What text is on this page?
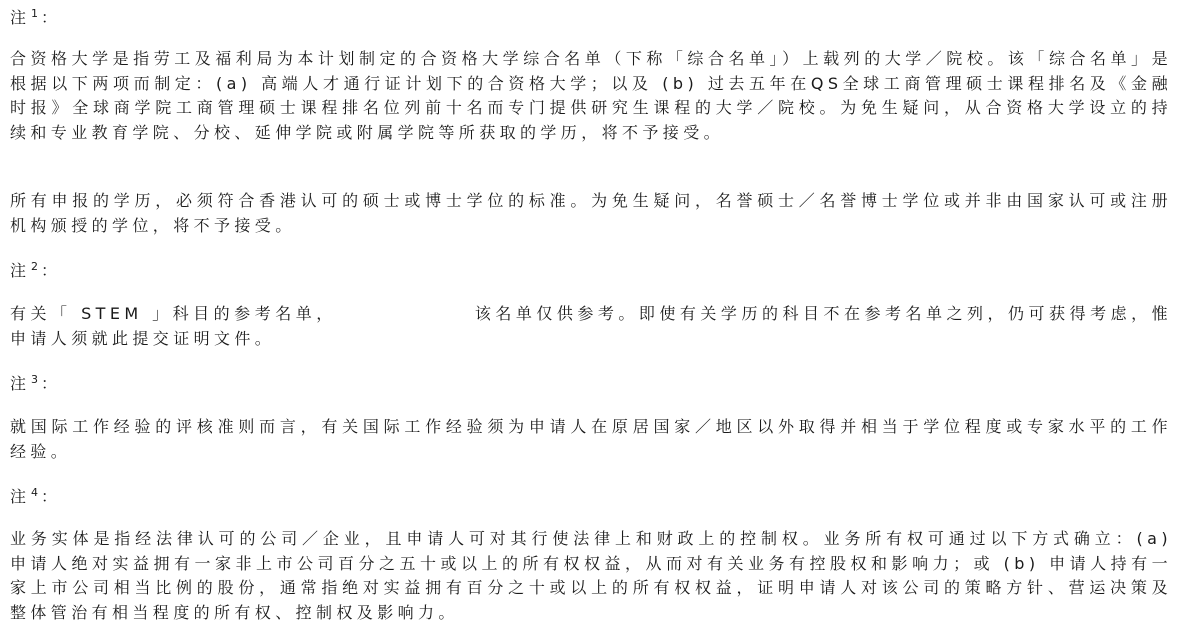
注$^1$ ：
合资格大学是指劳工及福利局为本计划制定的合资格大学综合名单（下称「综合名单」）上载列的大学／院校。该「综合名单」是根据以下两项而制定：(a) 高端人才通行证计划下的合资格大学；以及 (b) 过去五年在QS全球工商管理硕士课程排名及《金融时报》全球商学院工商管理硕士课程排名位列前十名而专门提供研究生课程的大学／院校。为免生疑问，从合资格大学设立的持续和专业教育学院、分校、延伸学院或附属学院等所获取的学历，将不予接受。
所有申报的学历，必须符合香港认可的硕士或博士学位的标准。为免生疑问，名誉硕士／名誉博士学位或并非由国家认可或注册机构颁授的学位，将不予接受。
注$^2$ ：
有关「 STEM 」科目的参考名单，	该名单仅供参考。即使有关学历的科目不在参考名单之列，仍可获得考虑，惟申请人须就此提交证明文件。
注$^3$ ：
就国际工作经验的评核准则而言，有关国际工作经验须为申请人在原居国家／地区以外取得并相当于学位程度或专家水平的工作经验。
注$^4$ ：
业务实体是指经法律认可的公司／企业，且申请人可对其行使法律上和财政上的控制权。业务所有权可通过以下方式确立：(a) 申请人绝对实益拥有一家非上市公司百分之五十或以上的所有权权益，从而对有关业务有控股权和影响力；或 (b) 申请人持有一家上市公司相当比例的股份，通常指绝对实益拥有百分之十或以上的所有权权益，证明申请人对该公司的策略方针、营运决策及整体管治有相当程度的所有权、控制权及影响力。
